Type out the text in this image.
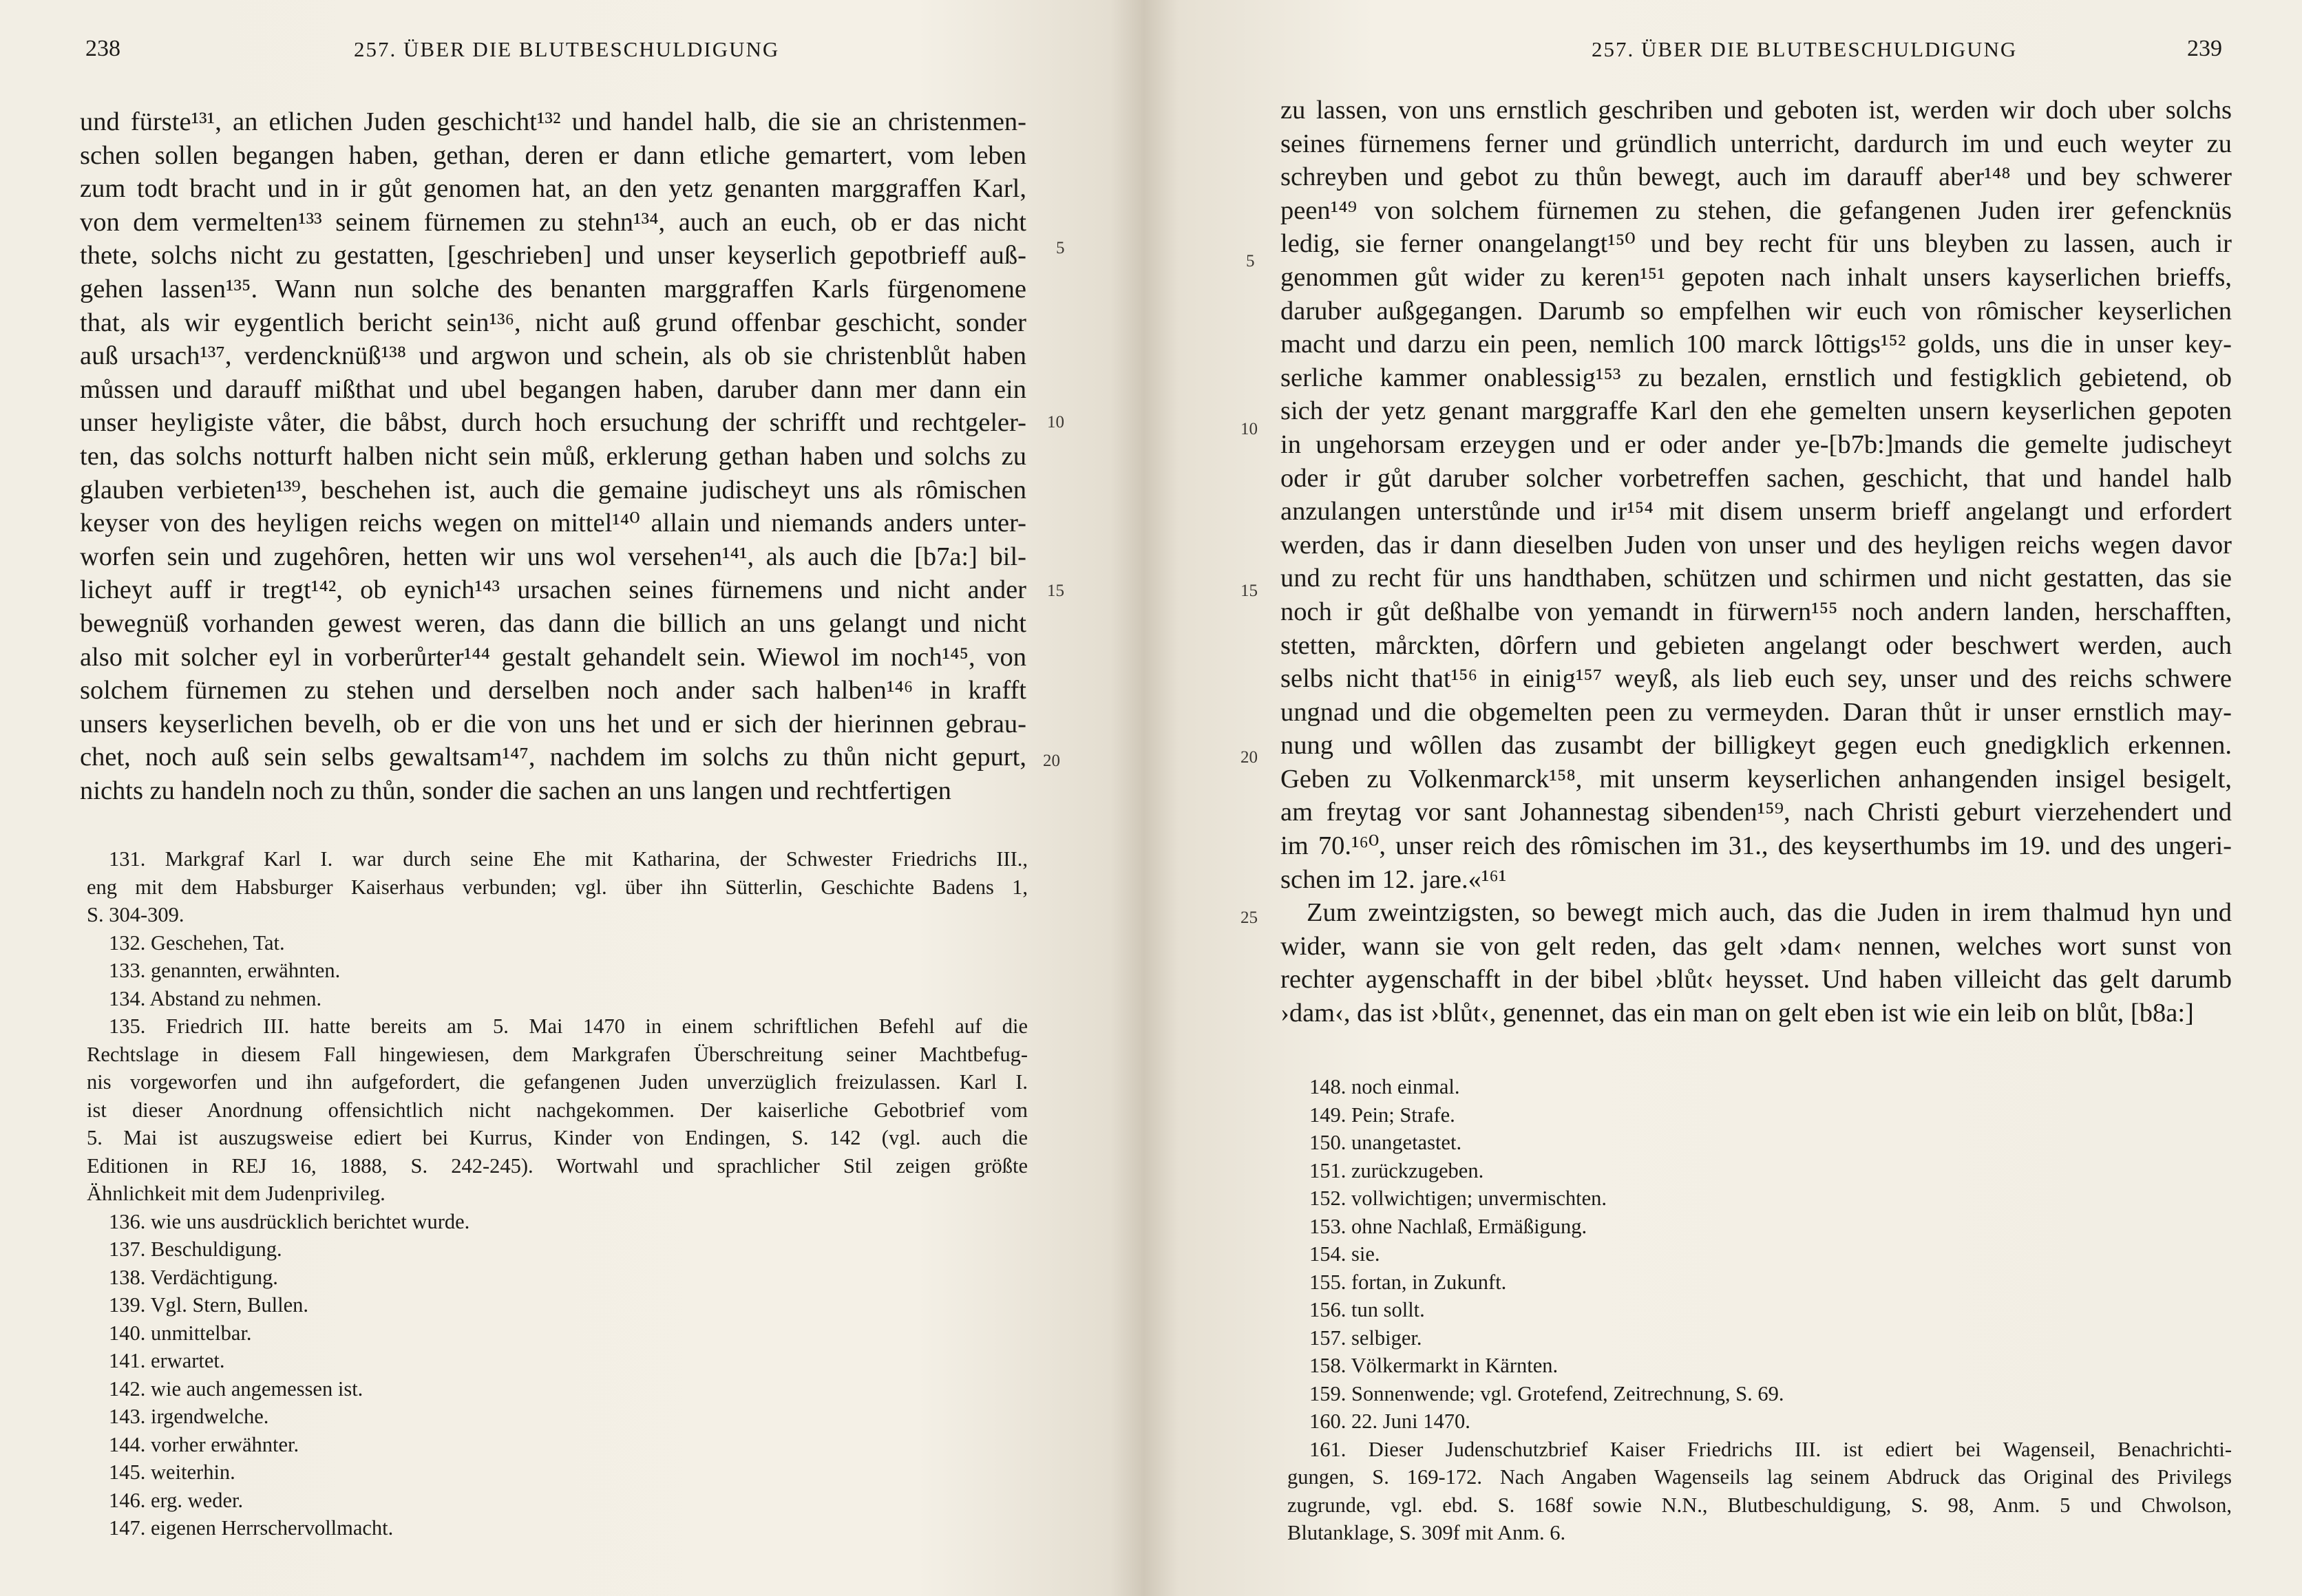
238	257. ÜBER DIE BLUTBESCHULDIGUNG
und fürste¹³¹, an etlichen Juden geschicht¹³² und handel halb, die sie an christenmen-
schen sollen begangen haben, gethan, deren er dann etliche gemartert, vom leben
zum todt bracht und in ir gůt genomen hat, an den yetz genanten marggraffen Karl,
von dem vermelten¹³³ seinem fürnemen zu stehn¹³⁴, auch an euch, ob er das nicht
thete, solchs nicht zu gestatten, [geschrieben] und unser keyserlich gepotbrieff auß-
gehen lassen¹³⁵. Wann nun solche des benanten marggraffen Karls fürgenomene
that, als wir eygentlich bericht sein¹³⁶, nicht auß grund offenbar geschicht, sonder
auß ursach¹³⁷, verdencknüß¹³⁸ und argwon und schein, als ob sie christenblůt haben
můssen und darauff mißthat und ubel begangen haben, daruber dann mer dann ein
unser heyligiste våter, die båbst, durch hoch ersuchung der schrifft und rechtgeler-
ten, das solchs notturft halben nicht sein můß, erklerung gethan haben und solchs zu
glauben verbieten¹³⁹, beschehen ist, auch die gemaine judischeyt uns als rȏmischen
keyser von des heyligen reichs wegen on mittel¹⁴⁰ allain und niemands anders unter-
worfen sein und zugehȏren, hetten wir uns wol versehen¹⁴¹, als auch die [b7a:] bil-
licheyt auff ir tregt¹⁴², ob eynich¹⁴³ ursachen seines fürnemens und nicht ander
bewegnüß vorhanden gewest weren, das dann die billich an uns gelangt und nicht
also mit solcher eyl in vorberůrter¹⁴⁴ gestalt gehandelt sein. Wiewol im noch¹⁴⁵, von
solchem fürnemen zu stehen und derselben noch ander sach halben¹⁴⁶ in krafft
unsers keyserlichen bevelh, ob er die von uns het und er sich der hierinnen gebrau-
chet, noch auß sein selbs gewaltsam¹⁴⁷, nachdem im solchs zu thůn nicht gepurt,
nichts zu handeln noch zu thůn, sonder die sachen an uns langen und rechtfertigen
5
10
15
20
131. Markgraf Karl I. war durch seine Ehe mit Katharina, der Schwester Friedrichs III.,
eng mit dem Habsburger Kaiserhaus verbunden; vgl. über ihn Sütterlin, Geschichte Badens 1,
S. 304-309.
132. Geschehen, Tat.
133. genannten, erwähnten.
134. Abstand zu nehmen.
135. Friedrich III. hatte bereits am 5. Mai 1470 in einem schriftlichen Befehl auf die
Rechtslage in diesem Fall hingewiesen, dem Markgrafen Überschreitung seiner Machtbefug-
nis vorgeworfen und ihn aufgefordert, die gefangenen Juden unverzüglich freizulassen. Karl I.
ist dieser Anordnung offensichtlich nicht nachgekommen. Der kaiserliche Gebotbrief vom
5. Mai ist auszugsweise ediert bei Kurrus, Kinder von Endingen, S. 142 (vgl. auch die
Editionen in REJ 16, 1888, S. 242-245). Wortwahl und sprachlicher Stil zeigen größte
Ähnlichkeit mit dem Judenprivileg.
136. wie uns ausdrücklich berichtet wurde.
137. Beschuldigung.
138. Verdächtigung.
139. Vgl. Stern, Bullen.
140. unmittelbar.
141. erwartet.
142. wie auch angemessen ist.
143. irgendwelche.
144. vorher erwähnter.
145. weiterhin.
146. erg. weder.
147. eigenen Herrschervollmacht.
257. ÜBER DIE BLUTBESCHULDIGUNG	239
zu lassen, von uns ernstlich geschriben und geboten ist, werden wir doch uber solchs
seines fürnemens ferner und gründlich unterricht, dardurch im und euch weyter zu
schreyben und gebot zu thůn bewegt, auch im darauff aber¹⁴⁸ und bey schwerer
peen¹⁴⁹ von solchem fürnemen zu stehen, die gefangenen Juden irer gefencknüs
ledig, sie ferner onangelangt¹⁵⁰ und bey recht für uns bleyben zu lassen, auch ir
genommen gůt wider zu keren¹⁵¹ gepoten nach inhalt unsers kayserlichen brieffs,
daruber außgegangen. Darumb so empfelhen wir euch von rȏmischer keyserlichen
macht und darzu ein peen, nemlich 100 marck lȏttigs¹⁵² golds, uns die in unser key-
serliche kammer onablessig¹⁵³ zu bezalen, ernstlich und festigklich gebietend, ob
sich der yetz genant marggraffe Karl den ehe gemelten unsern keyserlichen gepoten
in ungehorsam erzeygen und er oder ander ye-[b7b:]mands die gemelte judischeyt
oder ir gůt daruber solcher vorbetreffen sachen, geschicht, that und handel halb
anzulangen unterstůnde und ir¹⁵⁴ mit disem unserm brieff angelangt und erfordert
werden, das ir dann dieselben Juden von unser und des heyligen reichs wegen davor
und zu recht für uns handthaben, schützen und schirmen und nicht gestatten, das sie
noch ir gůt deßhalbe von yemandt in fürwern¹⁵⁵ noch andern landen, herschafften,
stetten, mårckten, dȏrfern und gebieten angelangt oder beschwert werden, auch
selbs nicht that¹⁵⁶ in einig¹⁵⁷ weyß, als lieb euch sey, unser und des reichs schwere
ungnad und die obgemelten peen zu vermeyden. Daran thůt ir unser ernstlich may-
nung und wȏllen das zusambt der billigkeyt gegen euch gnedigklich erkennen.
Geben zu Volkenmarck¹⁵⁸, mit unserm keyserlichen anhangenden insigel besigelt,
am freytag vor sant Johannestag sibenden¹⁵⁹, nach Christi geburt vierzehendert und
im 70.¹⁶⁰, unser reich des rȏmischen im 31., des keyserthumbs im 19. und des ungeri-
schen im 12. jare.«¹⁶¹
Zum zweintzigsten, so bewegt mich auch, das die Juden in irem thalmud hyn und
wider, wann sie von gelt reden, das gelt ›dam‹ nennen, welches wort sunst von
rechter aygenschafft in der bibel ›blůt‹ heysset. Und haben villeicht das gelt darumb
›dam‹, das ist ›blůt‹, genennet, das ein man on gelt eben ist wie ein leib on blůt, [b8a:]
5
10
15
20
25
148. noch einmal.
149. Pein; Strafe.
150. unangetastet.
151. zurückzugeben.
152. vollwichtigen; unvermischten.
153. ohne Nachlaß, Ermäßigung.
154. sie.
155. fortan, in Zukunft.
156. tun sollt.
157. selbiger.
158. Völkermarkt in Kärnten.
159. Sonnenwende; vgl. Grotefend, Zeitrechnung, S. 69.
160. 22. Juni 1470.
161. Dieser Judenschutzbrief Kaiser Friedrichs III. ist ediert bei Wagenseil, Benachrichti-
gungen, S. 169-172. Nach Angaben Wagenseils lag seinem Abdruck das Original des Privilegs
zugrunde, vgl. ebd. S. 168f sowie N.N., Blutbeschuldigung, S. 98, Anm. 5 und Chwolson,
Blutanklage, S. 309f mit Anm. 6.
